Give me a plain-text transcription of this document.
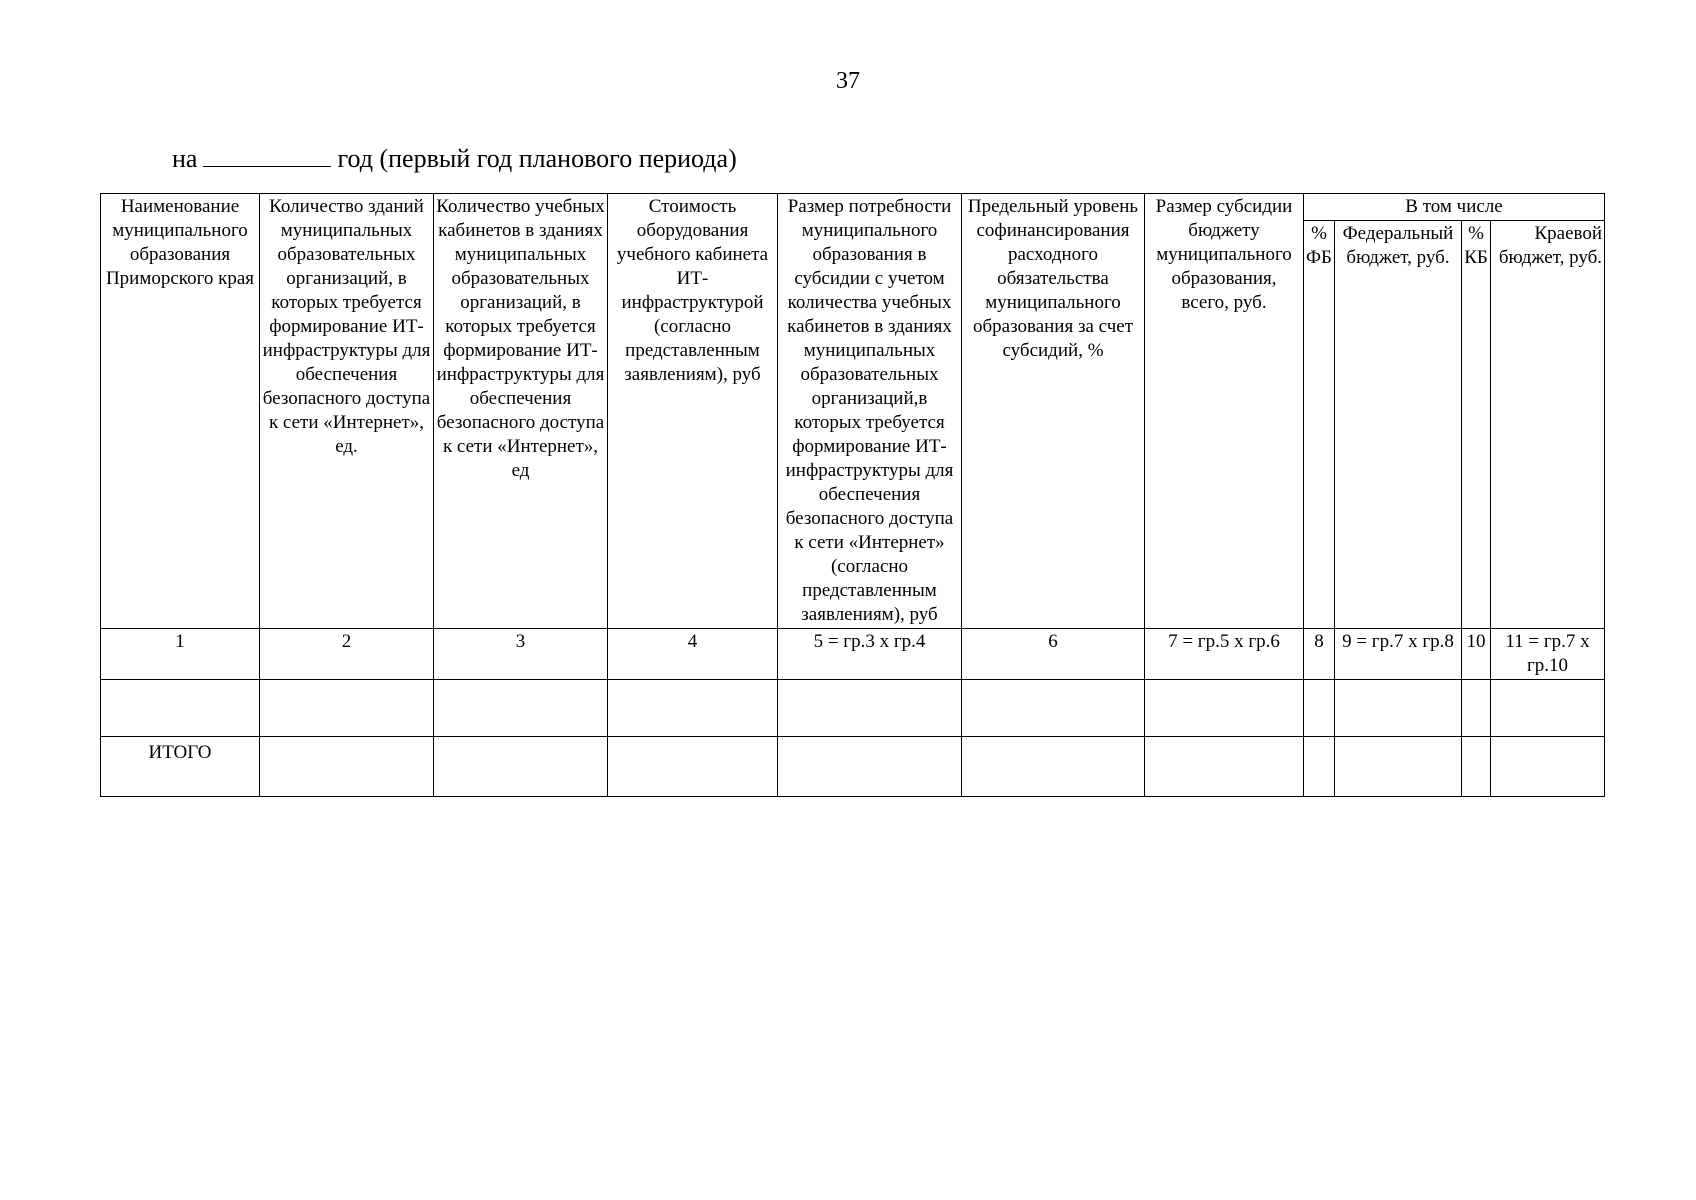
37
на	год (первый год планового периода)
Наименование муниципального образования Приморского края	Количество зданий муниципальных образовательных организаций, в которых требуется формирование ИТ-инфраструктуры для обеспечения безопасного доступа к сети «Интернет», ед.	Количество учебных кабинетов в зданиях муниципальных образовательных организаций, в которых требуется формирование ИТ-инфраструктуры для обеспечения безопасного доступа к сети «Интернет», ед	Стоимость оборудования учебного кабинета ИТ-инфраструктурой (согласно представленным заявлениям), руб	Размер потребности муниципального образования в субсидии с учетом количества учебных кабинетов в зданиях муниципальных образовательных организаций,в которых требуется формирование ИТ-инфраструктуры для обеспечения безопасного доступа к сети «Интернет» (согласно представленным заявлениям), руб	Предельный уровень софинансирования расходного обязательства муниципального образования за счет субсидий, %	Размер субсидии бюджету муниципального образования, всего, руб.	В том числе			
							% ФБ	Федеральный бюджет, руб.	% КБ	Краевой бюджет, руб.
1	2	3	4	5 = гр.3 х гр.4	6	7 = гр.5 х гр.6	8	9 = гр.7 х гр.8	10	11 = гр.7 х гр.10

ИТОГО										
